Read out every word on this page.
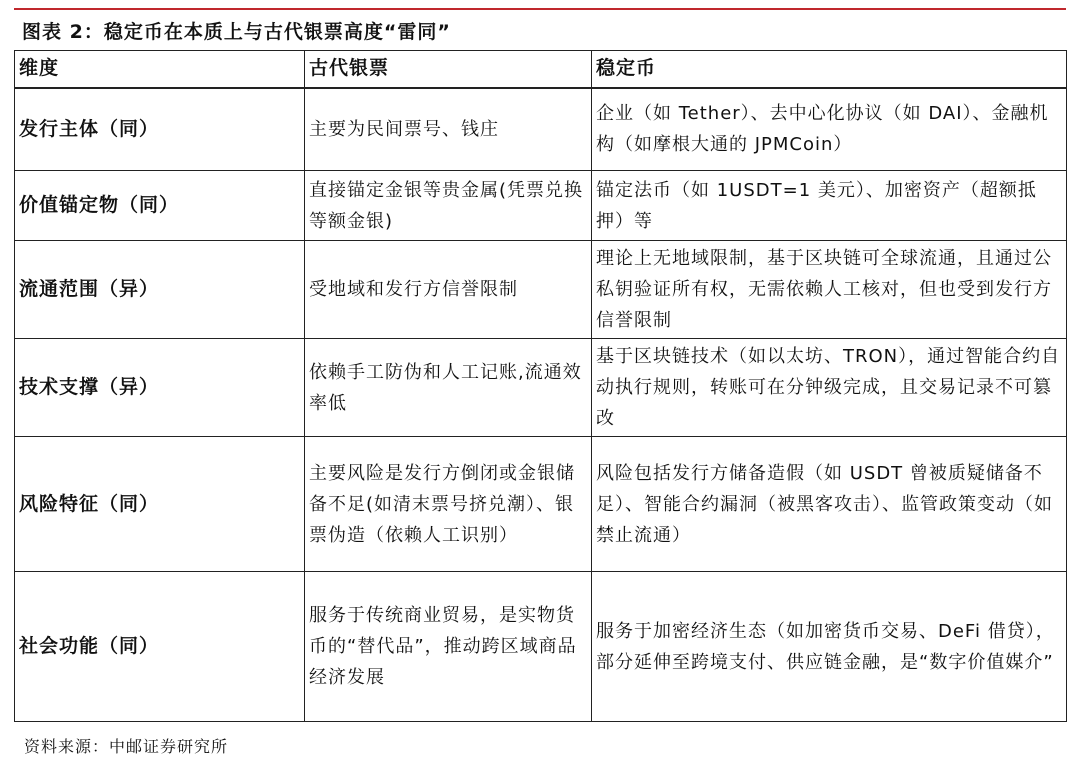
图表 2：稳定币在本质上与古代银票高度“雷同”
维度	古代银票	稳定币
发行主体（同）	主要为民间票号、钱庄	企业（如 Tether）、去中心化协议（如 DAI）、金融机构（如摩根大通的 JPMCoin）
价值锚定物（同）	直接锚定金银等贵金属(凭票兑换等额金银)	锚定法币（如 1USDT=1 美元）、加密资产（超额抵押）等
流通范围（异）	受地域和发行方信誉限制	理论上无地域限制，基于区块链可全球流通，且通过公私钥验证所有权，无需依赖人工核对，但也受到发行方信誉限制
技术支撑（异）	依赖手工防伪和人工记账,流通效率低	基于区块链技术（如以太坊、TRON），通过智能合约自动执行规则，转账可在分钟级完成，且交易记录不可篡改
风险特征（同）	主要风险是发行方倒闭或金银储备不足(如清末票号挤兑潮）、银票伪造（依赖人工识别）	风险包括发行方储备造假（如 USDT 曾被质疑储备不足）、智能合约漏洞（被黑客攻击）、监管政策变动（如禁止流通）
社会功能（同）	服务于传统商业贸易，是实物货币的“替代品”，推动跨区域商品经济发展	服务于加密经济生态（如加密货币交易、DeFi 借贷），部分延伸至跨境支付、供应链金融，是“数字价值媒介”
资料来源：中邮证券研究所
